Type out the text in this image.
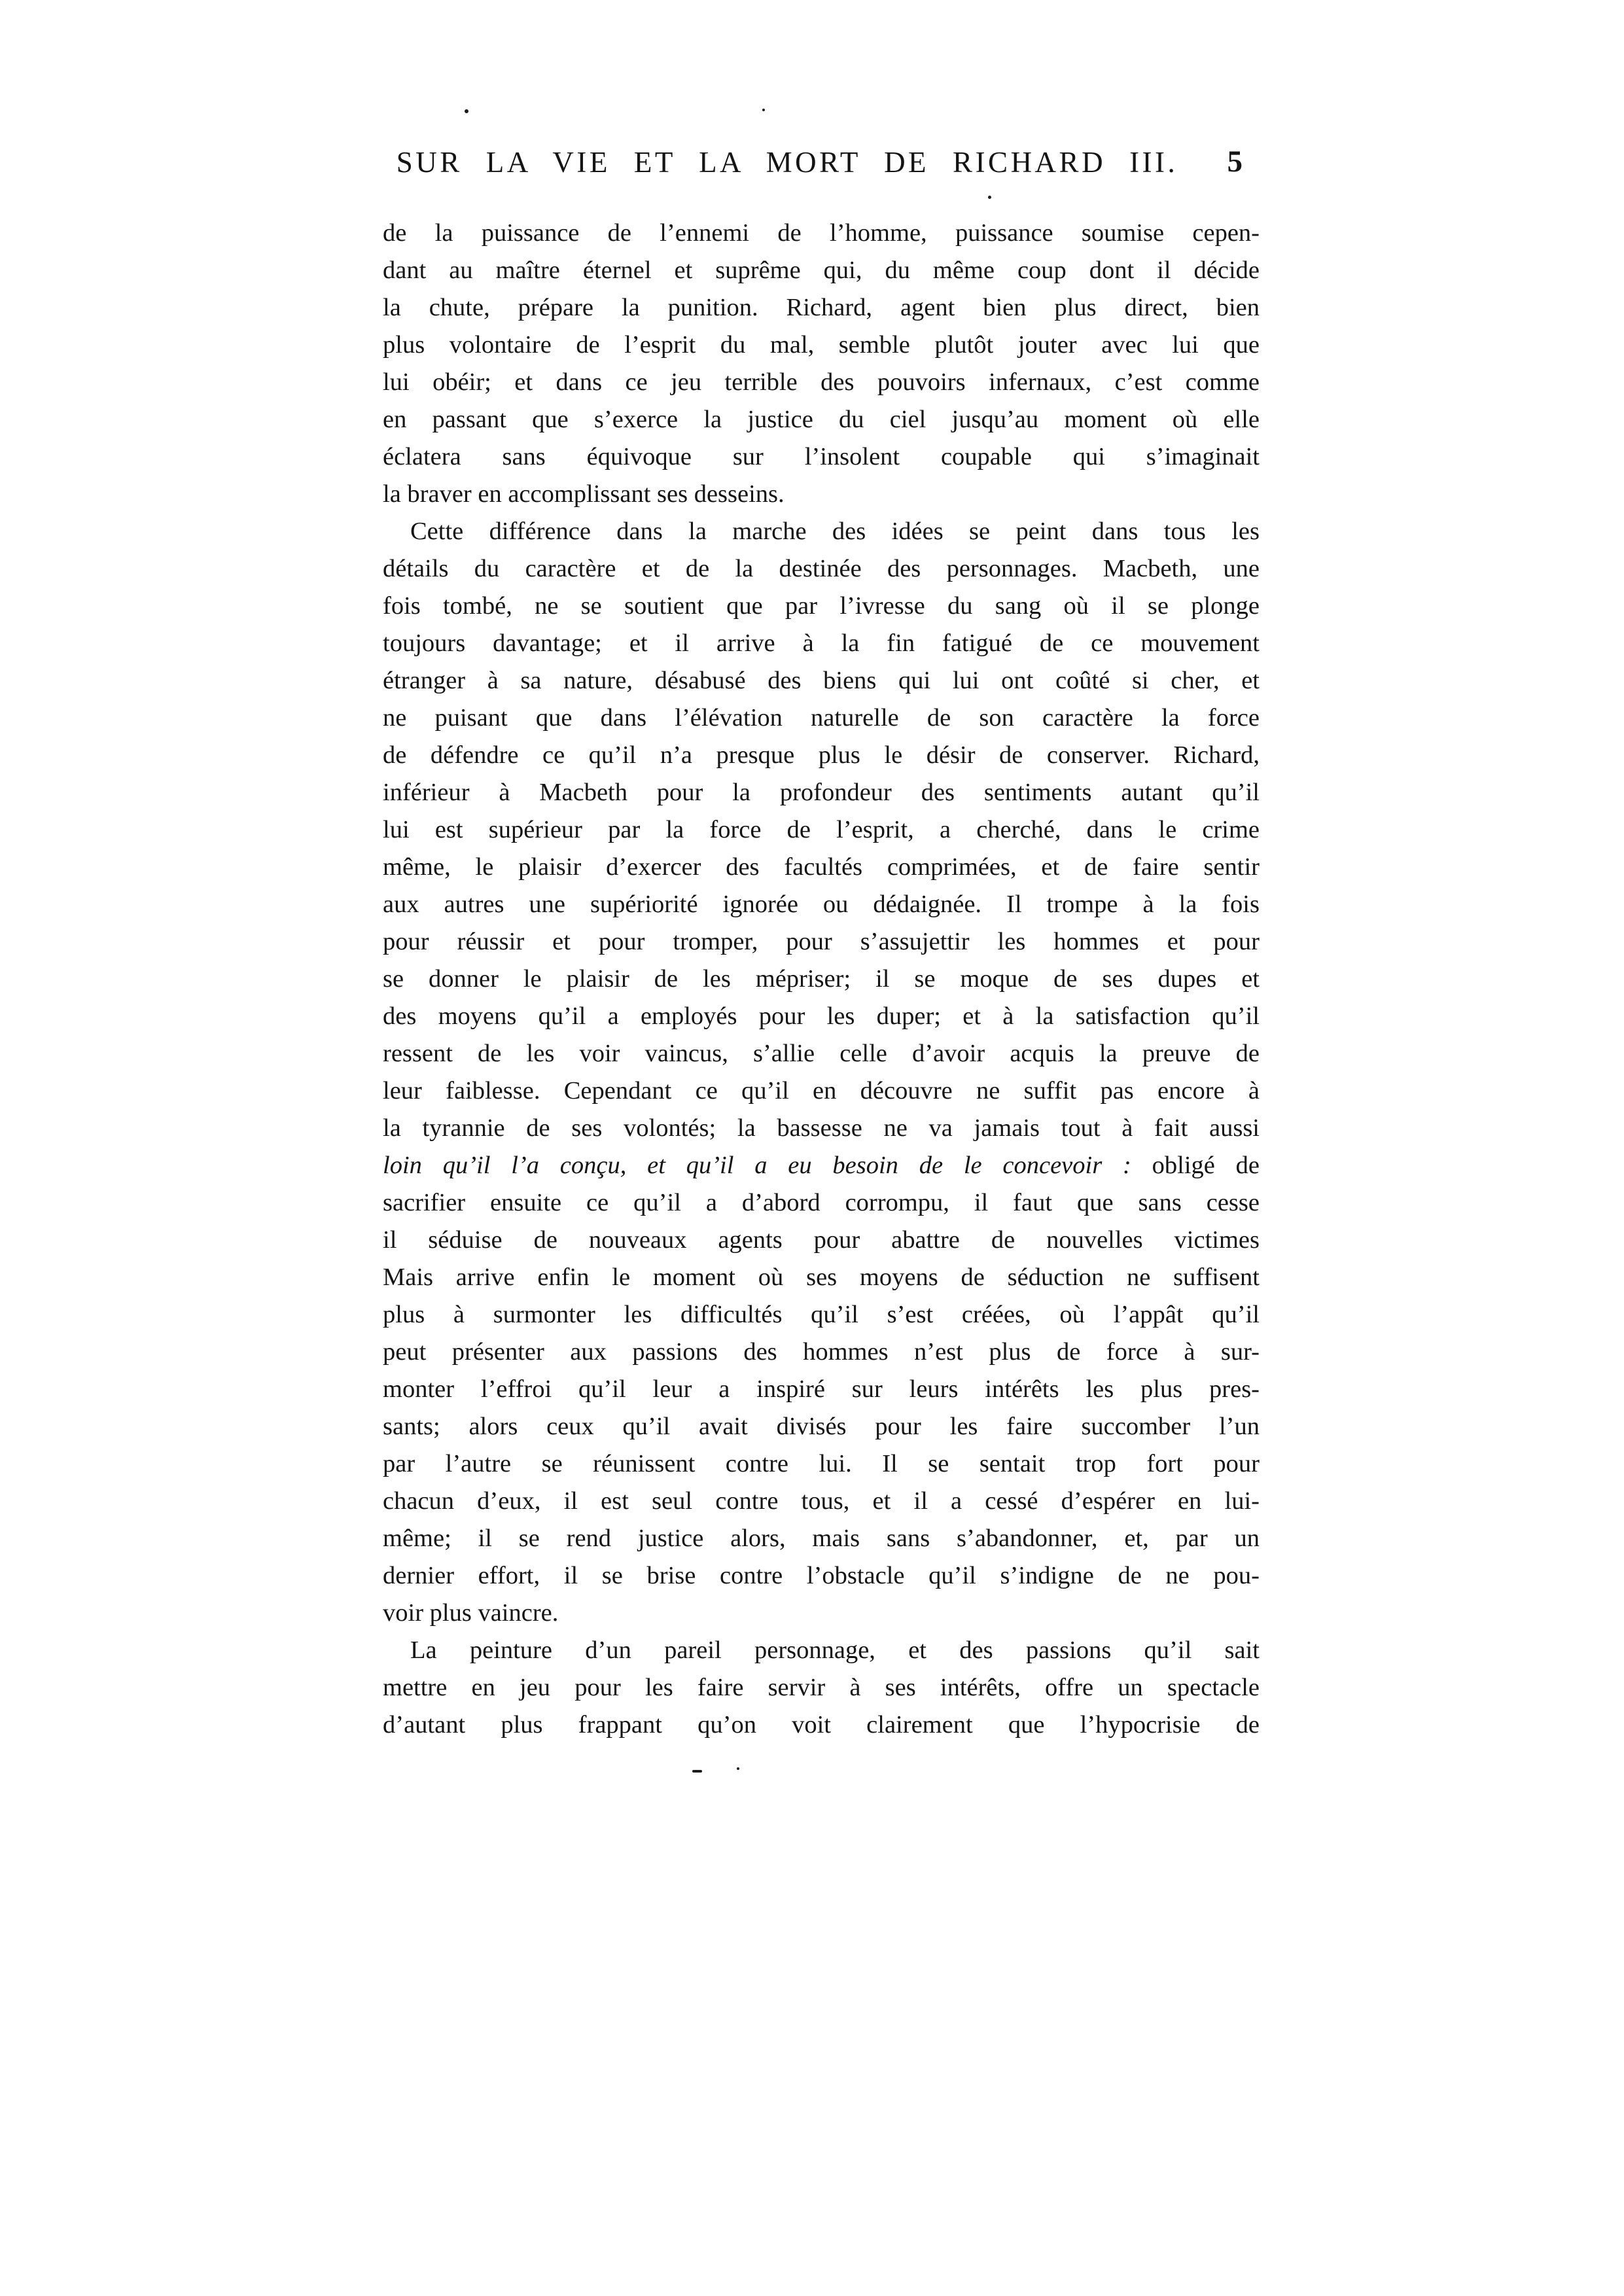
SUR LA VIE ET LA MORT DE RICHARD III.	5
de la puissance de l’ennemi de l’homme, puissance soumise cepen-
dant au maître éternel et suprême qui, du même coup dont il décide
la chute, prépare la punition. Richard, agent bien plus direct, bien
plus volontaire de l’esprit du mal, semble plutôt jouter avec lui que
lui obéir; et dans ce jeu terrible des pouvoirs infernaux, c’est comme
en passant que s’exerce la justice du ciel jusqu’au moment où elle
éclatera sans équivoque sur l’insolent coupable qui s’imaginait
la braver en accomplissant ses desseins.
Cette différence dans la marche des idées se peint dans tous les
détails du caractère et de la destinée des personnages. Macbeth, une
fois tombé, ne se soutient que par l’ivresse du sang où il se plonge
toujours davantage; et il arrive à la fin fatigué de ce mouvement
étranger à sa nature, désabusé des biens qui lui ont coûté si cher, et
ne puisant que dans l’élévation naturelle de son caractère la force
de défendre ce qu’il n’a presque plus le désir de conserver. Richard,
inférieur à Macbeth pour la profondeur des sentiments autant qu’il
lui est supérieur par la force de l’esprit, a cherché, dans le crime
même, le plaisir d’exercer des facultés comprimées, et de faire sentir
aux autres une supériorité ignorée ou dédaignée. Il trompe à la fois
pour réussir et pour tromper, pour s’assujettir les hommes et pour
se donner le plaisir de les mépriser; il se moque de ses dupes et
des moyens qu’il a employés pour les duper; et à la satisfaction qu’il
ressent de les voir vaincus, s’allie celle d’avoir acquis la preuve de
leur faiblesse. Cependant ce qu’il en découvre ne suffit pas encore à
la tyrannie de ses volontés; la bassesse ne va jamais tout à fait aussi
loin qu’il l’a conçu, et qu’il a eu besoin de le concevoir : obligé de
sacrifier ensuite ce qu’il a d’abord corrompu, il faut que sans cesse
il séduise de nouveaux agents pour abattre de nouvelles victimes
Mais arrive enfin le moment où ses moyens de séduction ne suffisent
plus à surmonter les difficultés qu’il s’est créées, où l’appât qu’il
peut présenter aux passions des hommes n’est plus de force à sur-
monter l’effroi qu’il leur a inspiré sur leurs intérêts les plus pres-
sants; alors ceux qu’il avait divisés pour les faire succomber l’un
par l’autre se réunissent contre lui. Il se sentait trop fort pour
chacun d’eux, il est seul contre tous, et il a cessé d’espérer en lui-
même; il se rend justice alors, mais sans s’abandonner, et, par un
dernier effort, il se brise contre l’obstacle qu’il s’indigne de ne pou-
voir plus vaincre.
La peinture d’un pareil personnage, et des passions qu’il sait
mettre en jeu pour les faire servir à ses intérêts, offre un spectacle
d’autant plus frappant qu’on voit clairement que l’hypocrisie de
